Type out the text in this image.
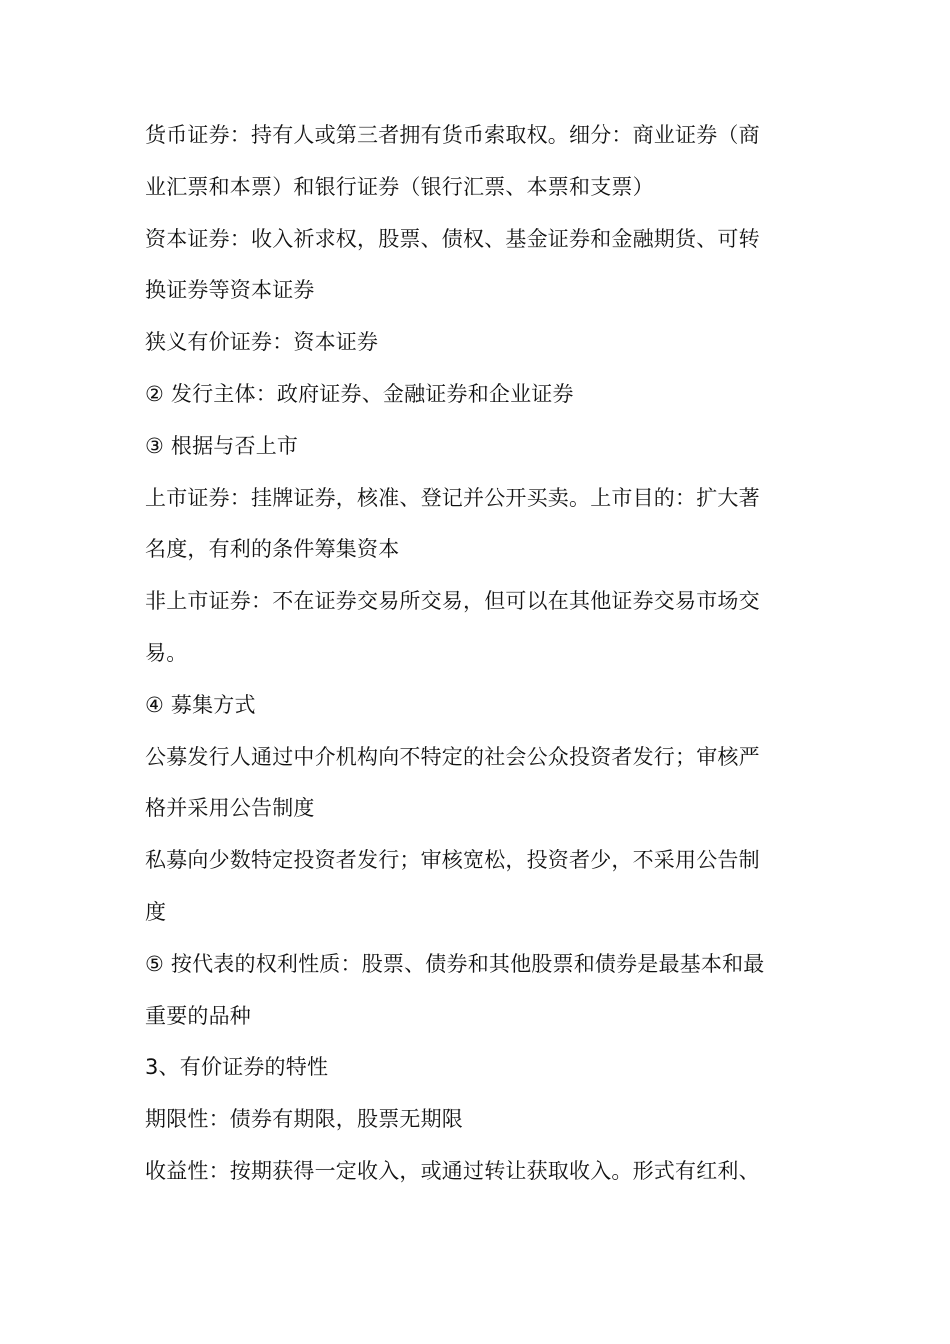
货币证券：持有人或第三者拥有货币索取权。细分：商业证券（商
业汇票和本票）和银行证券（银行汇票、本票和支票）
资本证券：收入祈求权，股票、债权、基金证券和金融期货、可转
换证券等资本证券
狭义有价证券：资本证券
② 发行主体：政府证券、金融证券和企业证券
③ 根据与否上市
上市证券：挂牌证券，核准、登记并公开买卖。上市目的：扩大著
名度，有利的条件筹集资本
非上市证券：不在证券交易所交易，但可以在其他证券交易市场交
易。
④ 募集方式
公募发行人通过中介机构向不特定的社会公众投资者发行；审核严
格并采用公告制度
私募向少数特定投资者发行；审核宽松，投资者少，不采用公告制
度
⑤ 按代表的权利性质：股票、债券和其他股票和债券是最基本和最
重要的品种
3、有价证券的特性
期限性：债券有期限，股票无期限
收益性：按期获得一定收入，或通过转让获取收入。形式有红利、
